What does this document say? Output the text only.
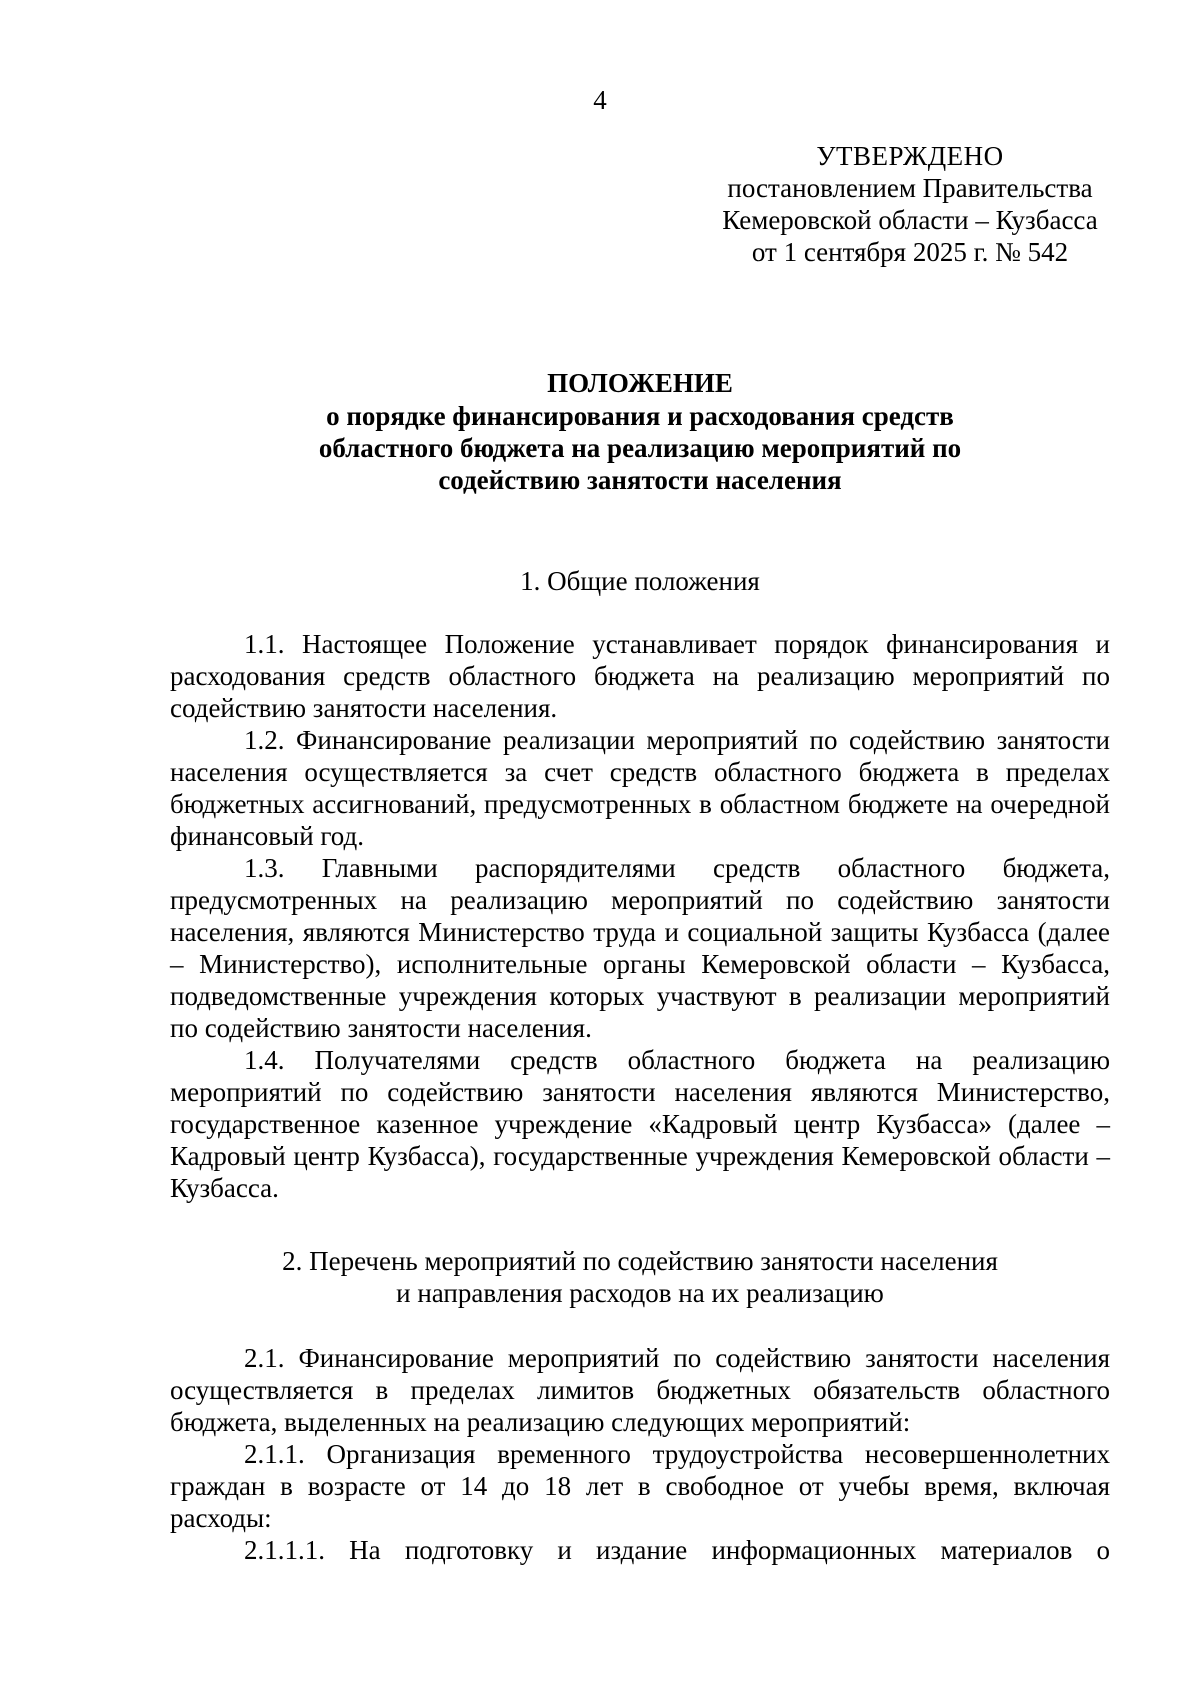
4
УТВЕРЖДЕНО
постановлением Правительства
Кемеровской области – Кузбасса
от 1 сентября 2025 г. № 542
ПОЛОЖЕНИЕ
о порядке финансирования и расходования средств
областного бюджета на реализацию мероприятий по
содействию занятости населения
1. Общие положения

1.1. Настоящее Положение устанавливает порядок финансирования и расходования средств областного бюджета на реализацию мероприятий по содействию занятости населения.

1.2. Финансирование реализации мероприятий по содействию занятости населения осуществляется за счет средств областного бюджета в пределах бюджетных ассигнований, предусмотренных в областном бюджете на очередной финансовый год.

1.3. Главными распорядителями средств областного бюджета, предусмотренных на реализацию мероприятий по содействию занятости населения, являются Министерство труда и социальной защиты Кузбасса (далее – Министерство), исполнительные органы Кемеровской области – Кузбасса, подведомственные учреждения которых участвуют в реализации мероприятий по содействию занятости населения.

1.4. Получателями средств областного бюджета на реализацию мероприятий по содействию занятости населения являются Министерство, государственное казенное учреждение «Кадровый центр Кузбасса» (далее – Кадровый центр Кузбасса), государственные учреждения Кемеровской области – Кузбасса.

2. Перечень мероприятий по содействию занятости населения
и направления расходов на их реализацию

2.1. Финансирование мероприятий по содействию занятости населения осуществляется в пределах лимитов бюджетных обязательств областного бюджета, выделенных на реализацию следующих мероприятий:

2.1.1. Организация временного трудоустройства несовершеннолетних граждан в возрасте от 14 до 18 лет в свободное от учебы время, включая расходы:

2.1.1.1. На подготовку и издание информационных материалов о
